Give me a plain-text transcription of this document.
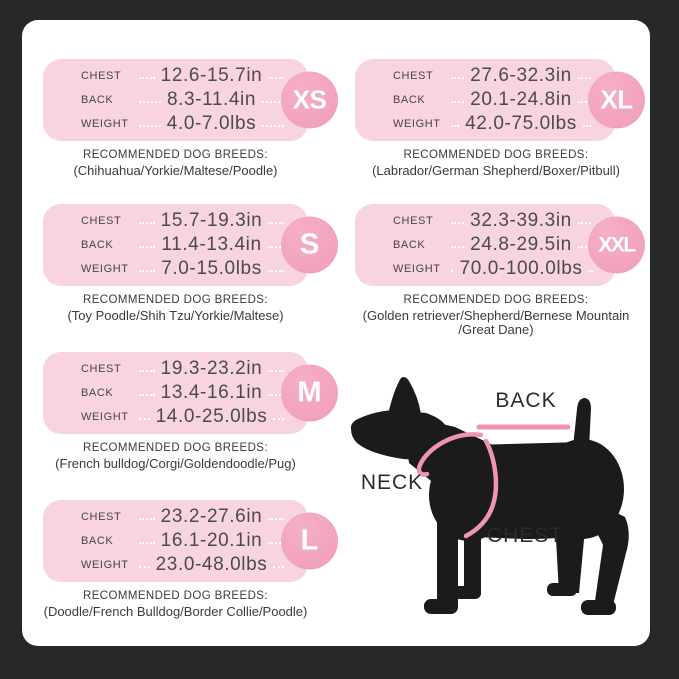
CHEST	12.6-15.7in
BACK	8.3-11.4in
WEIGHT	4.0-7.0lbs
XS
RECOMMENDED DOG BREEDS:
(Chihuahua/Yorkie/Maltese/Poodle)
CHEST	27.6-32.3in
BACK	20.1-24.8in
WEIGHT	42.0-75.0lbs
XL
RECOMMENDED DOG BREEDS:
(Labrador/German Shepherd/Boxer/Pitbull)
CHEST	15.7-19.3in
BACK	11.4-13.4in
WEIGHT	7.0-15.0lbs
S
RECOMMENDED DOG BREEDS:
(Toy Poodle/Shih Tzu/Yorkie/Maltese)
CHEST	32.3-39.3in
BACK	24.8-29.5in
WEIGHT 70.0-100.0lbs
XXL
RECOMMENDED DOG BREEDS:
(Golden retriever/Shepherd/Bernese Mountain /Great Dane)
CHEST	19.3-23.2in
BACK	13.4-16.1in
WEIGHT	14.0-25.0lbs
M
RECOMMENDED DOG BREEDS:
(French bulldog/Corgi/Goldendoodle/Pug)
CHEST	23.2-27.6in
BACK	16.1-20.1in
WEIGHT	23.0-48.0lbs
L
RECOMMENDED DOG BREEDS:
(Doodle/French Bulldog/Border Collie/Poodle)
BACK
NECK
CHEST
